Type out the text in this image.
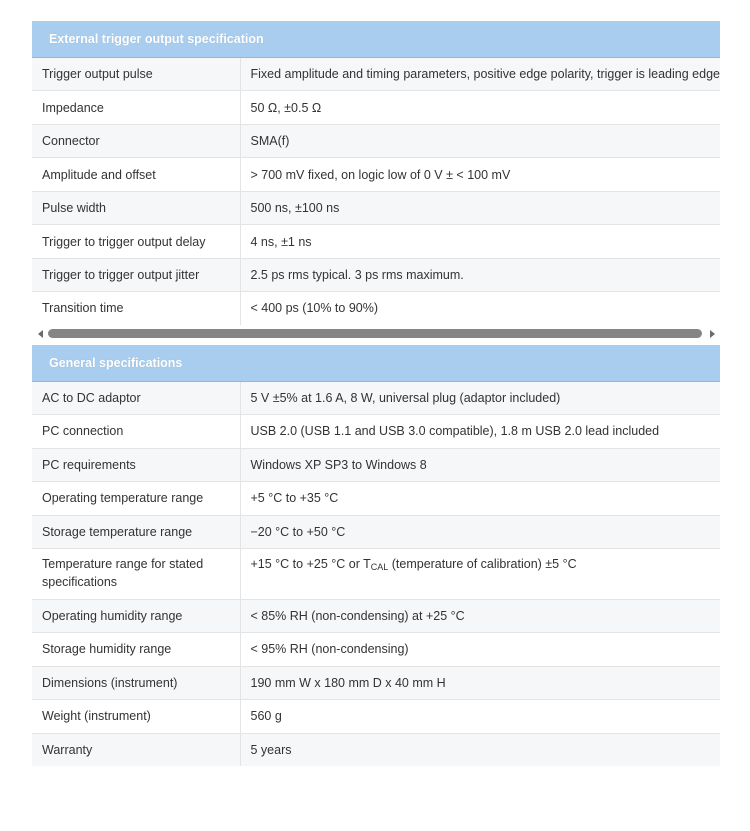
External trigger output specification	
Trigger output pulse	Fixed amplitude and timing parameters, positive edge polarity, trigger is leading edge
Impedance	50 Ω, ±0.5 Ω
Connector	SMA(f)
Amplitude and offset	> 700 mV fixed, on logic low of 0 V ± < 100 mV
Pulse width	500 ns, ±100 ns
Trigger to trigger output delay	4 ns, ±1 ns
Trigger to trigger output jitter	2.5 ps rms typical. 3 ps rms maximum.
Transition time	< 400 ps (10% to 90%)
General specifications	
AC to DC adaptor	5 V ±5% at 1.6 A, 8 W, universal plug (adaptor included)
PC connection	USB 2.0 (USB 1.1 and USB 3.0 compatible), 1.8 m USB 2.0 lead included
PC requirements	Windows XP SP3 to Windows 8
Operating temperature range	+5 °C to +35 °C
Storage temperature range	−20 °C to +50 °C
Temperature range for stated specifications	+15 °C to +25 °C or $T_{CAL}$ (temperature of calibration) ±5 °C
Operating humidity range	< 85% RH (non-condensing) at +25 °C
Storage humidity range	< 95% RH (non-condensing)
Dimensions (instrument)	190 mm W x 180 mm D x 40 mm H
Weight (instrument)	560 g
Warranty	5 years
